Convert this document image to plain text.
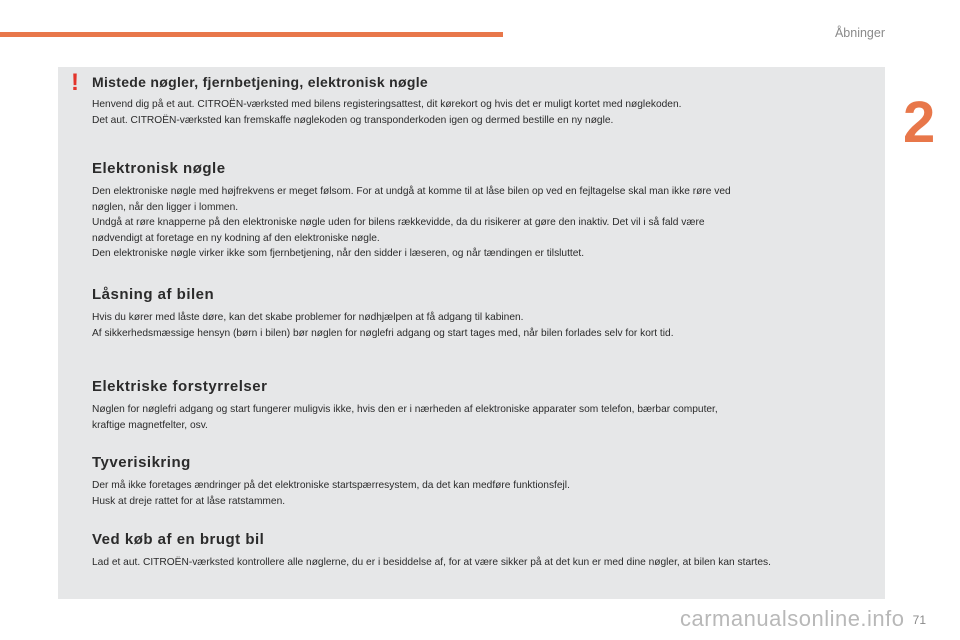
Åbninger
2
! Mistede nøgler, fjernbetjening, elektronisk nøgle

Henvend dig på et aut. CITROËN-værksted med bilens registeringsattest, dit kørekort og hvis det er muligt kortet med nøglekoden.
Det aut. CITROËN-værksted kan fremskaffe nøglekoden og transponderkoden igen og dermed bestille en ny nøgle.

Elektronisk nøgle

Den elektroniske nøgle med højfrekvens er meget følsom. For at undgå at komme til at låse bilen op ved en fejltagelse skal man ikke røre ved
nøglen, når den ligger i lommen.
Undgå at røre knapperne på den elektroniske nøgle uden for bilens rækkevidde, da du risikerer at gøre den inaktiv. Det vil i så fald være
nødvendigt at foretage en ny kodning af den elektroniske nøgle.
Den elektroniske nøgle virker ikke som fjernbetjening, når den sidder i læseren, og når tændingen er tilsluttet.

Låsning af bilen

Hvis du kører med låste døre, kan det skabe problemer for nødhjælpen at få adgang til kabinen.
Af sikkerhedsmæssige hensyn (børn i bilen) bør nøglen for nøglefri adgang og start tages med, når bilen forlades selv for kort tid.

Elektriske forstyrrelser

Nøglen for nøglefri adgang og start fungerer muligvis ikke, hvis den er i nærheden af elektroniske apparater som telefon, bærbar computer,
kraftige magnetfelter, osv.

Tyverisikring

Der må ikke foretages ændringer på det elektroniske startspærresystem, da det kan medføre funktionsfejl.
Husk at dreje rattet for at låse ratstammen.

Ved køb af en brugt bil

Lad et aut. CITROËN-værksted kontrollere alle nøglerne, du er i besiddelse af, for at være sikker på at det kun er med dine nøgler, at bilen kan startes.

carmanualsonline.info 71
